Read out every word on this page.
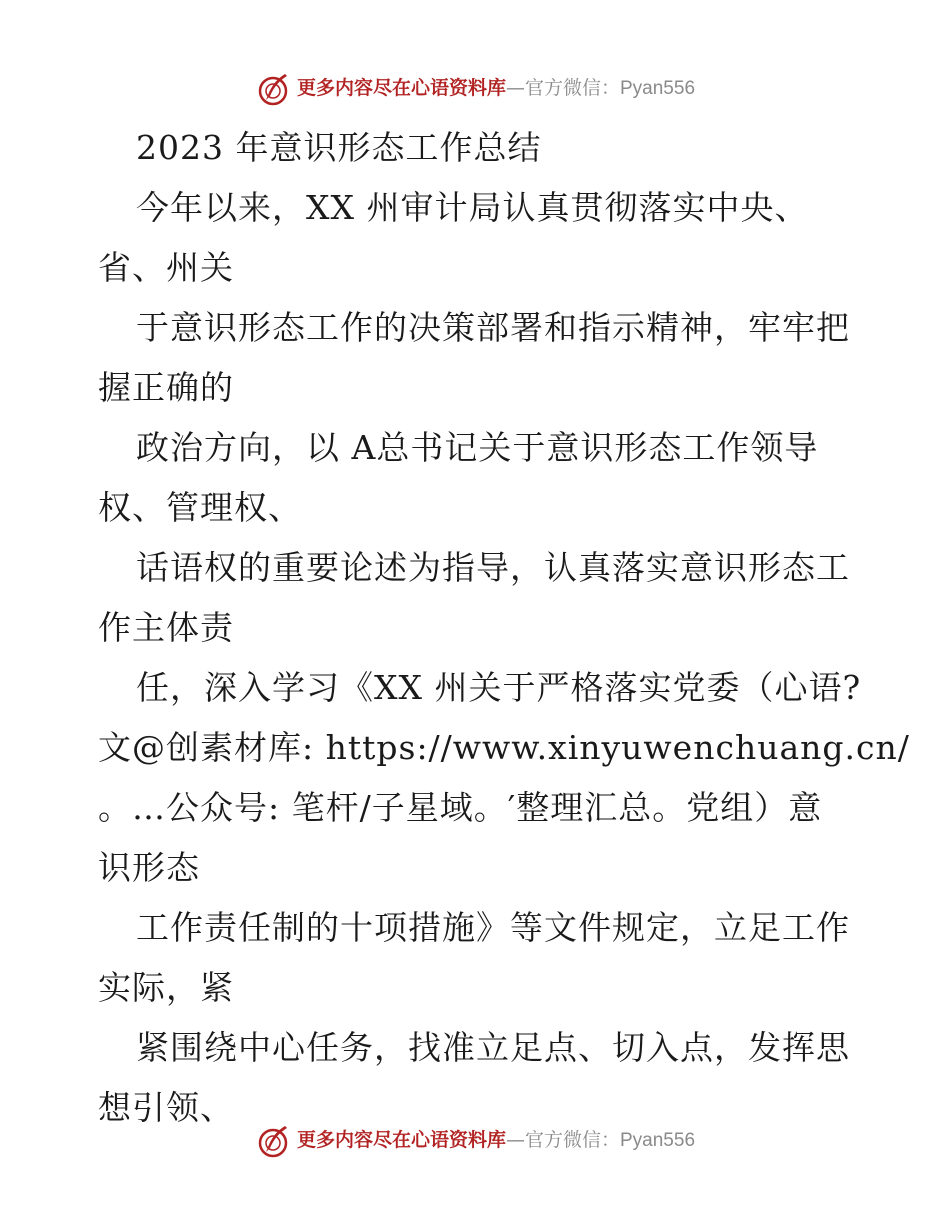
更多内容尽在心语资料库—官方微信：Pyan556
2023 年意识形态工作总结
今年以来，XX 州审计局认真贯彻落实中央、
省、州关
于意识形态工作的决策部署和指示精神，牢牢把
握正确的
政治方向，以 A总书记关于意识形态工作领导
权、管理权、
话语权的重要论述为指导，认真落实意识形态工
作主体责
任，深入学习《XX 州关于严格落实党委（心语?
文@创素材库: https://www.xinyuwenchuang.cn/
。…公众号: 笔杆/子星域。′整理汇总。党组）意
识形态
工作责任制的十项措施》等文件规定，立足工作
实际，紧
紧围绕中心任务，找准立足点、切入点，发挥思
想引领、
更多内容尽在心语资料库—官方微信：Pyan556
